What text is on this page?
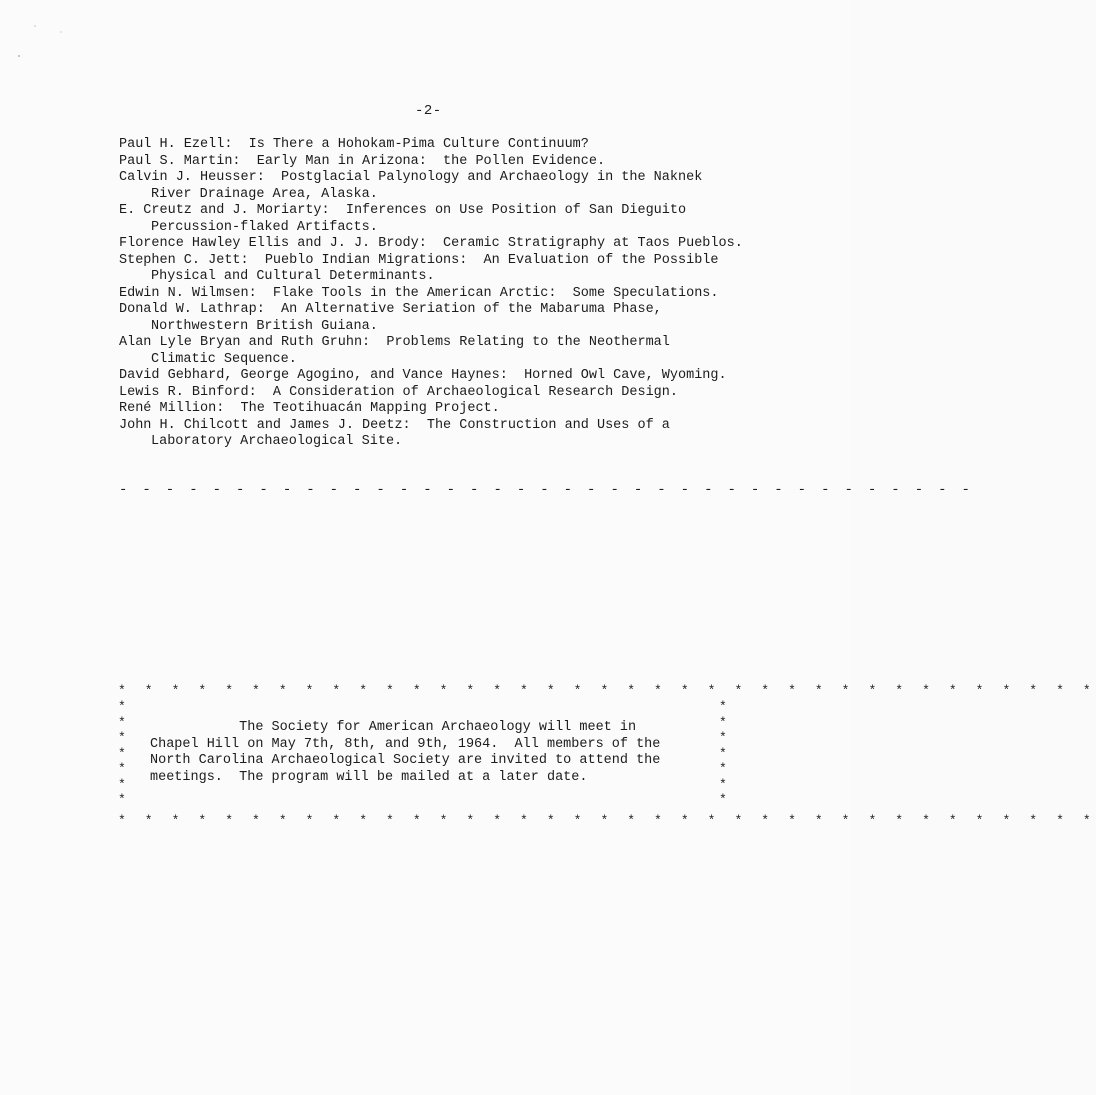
-2-
Paul H. Ezell:  Is There a Hohokam-Pima Culture Continuum?
Paul S. Martin:  Early Man in Arizona:  the Pollen Evidence.
Calvin J. Heusser:  Postglacial Palynology and Archaeology in the Naknek
River Drainage Area, Alaska.
E. Creutz and J. Moriarty:  Inferences on Use Position of San Dieguito
Percussion-flaked Artifacts.
Florence Hawley Ellis and J. J. Brody:  Ceramic Stratigraphy at Taos Pueblos.
Stephen C. Jett:  Pueblo Indian Migrations:  An Evaluation of the Possible
Physical and Cultural Determinants.
Edwin N. Wilmsen:  Flake Tools in the American Arctic:  Some Speculations.
Donald W. Lathrap:  An Alternative Seriation of the Mabaruma Phase,
Northwestern British Guiana.
Alan Lyle Bryan and Ruth Gruhn:  Problems Relating to the Neothermal
Climatic Sequence.
David Gebhard, George Agogino, and Vance Haynes:  Horned Owl Cave, Wyoming.
Lewis R. Binford:  A Consideration of Archaeological Research Design.
René Million:  The Teotihuacán Mapping Project.
John H. Chilcott and James J. Deetz:  The Construction and Uses of a
Laboratory Archaeological Site.
- - - - - - - - - - - - - - - - - - - - - - - - - - - - - - - - - - - - -
* * * * * * * * * * * * * * * * * * * * * * * * * * * * * * * * * * * * *
*
*
*
*
*
*
*
*
*
*
*
*
*
*
The Society for American Archaeology will meet in
Chapel Hill on May 7th, 8th, and 9th, 1964.  All members of the
North Carolina Archaeological Society are invited to attend the
meetings.  The program will be mailed at a later date.
* * * * * * * * * * * * * * * * * * * * * * * * * * * * * * * * * * * * *
